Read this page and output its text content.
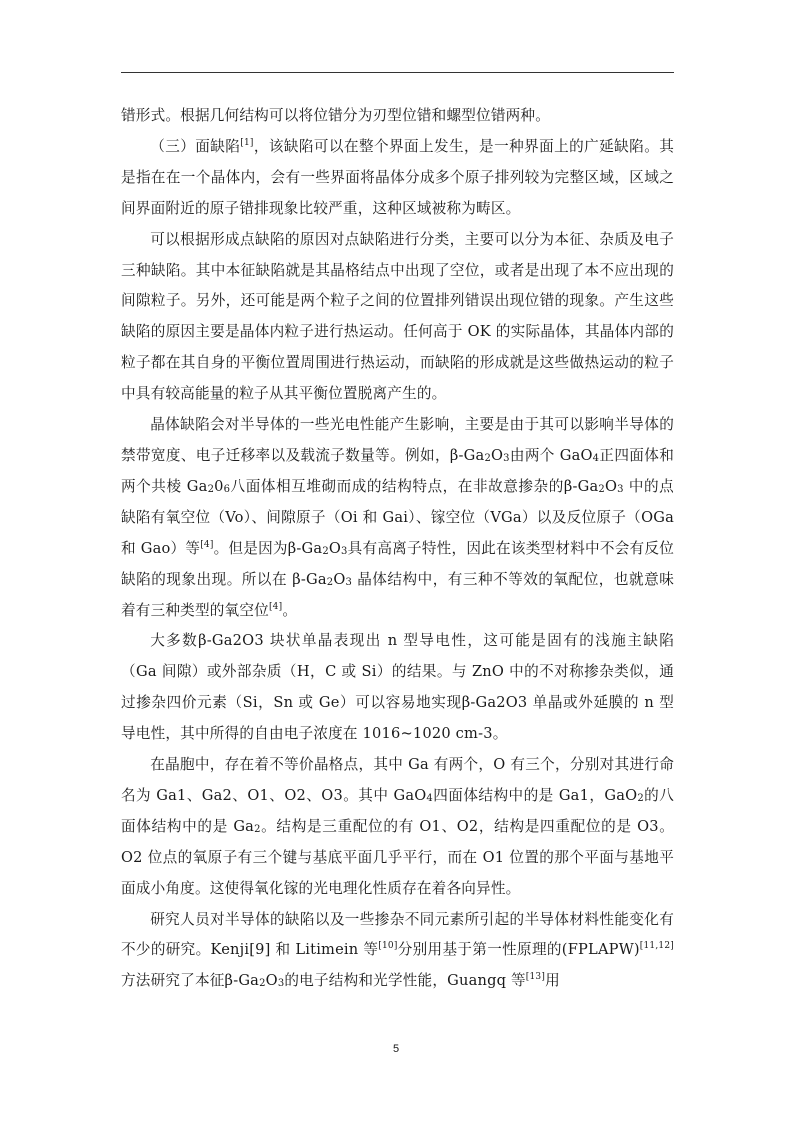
错形式。根据几何结构可以将位错分为刃型位错和螺型位错两种。

（三）面缺陷[1]，该缺陷可以在整个界面上发生，是一种界面上的广延缺陷。其是指在在一个晶体内，会有一些界面将晶体分成多个原子排列较为完整区域，区域之间界面附近的原子错排现象比较严重，这种区域被称为畴区。

可以根据形成点缺陷的原因对点缺陷进行分类，主要可以分为本征、杂质及电子三种缺陷。其中本征缺陷就是其晶格结点中出现了空位，或者是出现了本不应出现的间隙粒子。另外，还可能是两个粒子之间的位置排列错误出现位错的现象。产生这些缺陷的原因主要是晶体内粒子进行热运动。任何高于 OK 的实际晶体，其晶体内部的粒子都在其自身的平衡位置周围进行热运动，而缺陷的形成就是这些做热运动的粒子中具有较高能量的粒子从其平衡位置脱离产生的。

晶体缺陷会对半导体的一些光电性能产生影响，主要是由于其可以影响半导体的禁带宽度、电子迁移率以及载流子数量等。例如，$\beta-Ga_2O_3$由两个 GaO$_4$正四面体和两个共棱 $Ga_20_6$八面体相互堆砌而成的结构特点，在非故意掺杂的$\beta-Ga_2O_3$ 中的点缺陷有氧空位（Vo）、间隙原子（Oi 和 Gai）、镓空位（VGa）以及反位原子（OGa 和 Gao）等[4]。但是因为$\beta-Ga_2O_3$具有高离子特性，因此在该类型材料中不会有反位缺陷的现象出现。所以在 $\beta-Ga_2O_3$ 晶体结构中，有三种不等效的氧配位，也就意味着有三种类型的氧空位[4]。

大多数β-Ga2O3 块状单晶表现出 n 型导电性，这可能是固有的浅施主缺陷（Ga 间隙）或外部杂质（H，C 或 Si）的结果。与 ZnO 中的不对称掺杂类似，通过掺杂四价元素（Si，Sn 或 Ge）可以容易地实现β-Ga2O3 单晶或外延膜的 n 型导电性，其中所得的自由电子浓度在 1016~1020 cm-3。

在晶胞中，存在着不等价晶格点，其中 Ga 有两个，O 有三个，分别对其进行命名为 Ga1、Ga2、O1、O2、O3。其中 GaO$_4$四面体结构中的是 Ga1，GaO$_2$的八面体结构中的是 $Ga_2$。结构是三重配位的有 O1、O2，结构是四重配位的是 O3。O2 位点的氧原子有三个键与基底平面几乎平行，而在 O1 位置的那个平面与基地平面成小角度。这使得氧化镓的光电理化性质存在着各向异性。

研究人员对半导体的缺陷以及一些掺杂不同元素所引起的半导体材料性能变化有不少的研究。Kenji[9] 和 Litimein 等[10]分别用基于第一性原理的(FPLAPW)[11,12]方法研究了本征$\beta-Ga_2O_3$的电子结构和光学性能，Guangq 等[13]用

5
